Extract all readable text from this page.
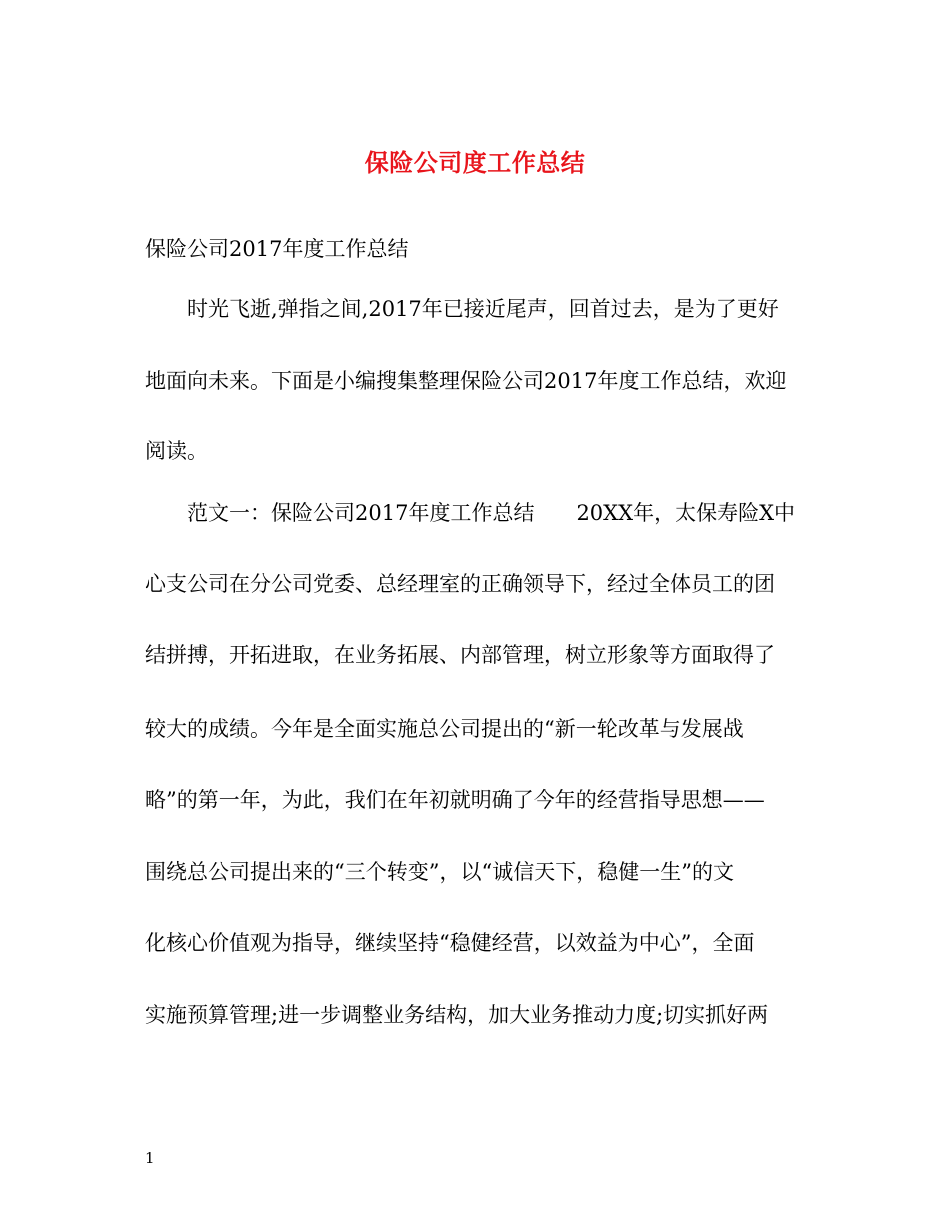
保险公司度工作总结
保险公司2017年度工作总结
　　时光飞逝,弹指之间,2017年已接近尾声，回首过去，是为了更好
地面向未来。下面是小编搜集整理保险公司2017年度工作总结，欢迎
阅读。
　　范文一：保险公司2017年度工作总结　　20XX年，太保寿险X中
心支公司在分公司党委、总经理室的正确领导下，经过全体员工的团
结拼搏，开拓进取，在业务拓展、内部管理，树立形象等方面取得了
较大的成绩。今年是全面实施总公司提出的“新一轮改革与发展战
略”的第一年，为此，我们在年初就明确了今年的经营指导思想——
围绕总公司提出来的“三个转变”，以“诚信天下，稳健一生”的文
化核心价值观为指导，继续坚持“稳健经营，以效益为中心”，全面
实施预算管理;进一步调整业务结构，加大业务推动力度;切实抓好两
1
